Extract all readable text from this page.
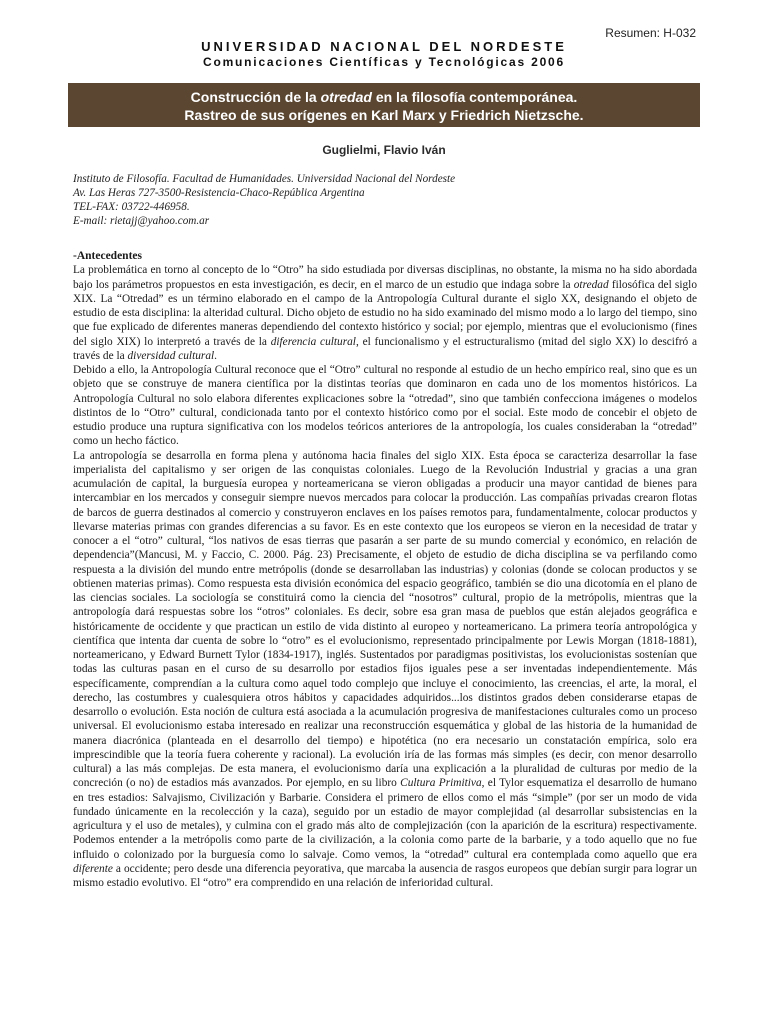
Resumen: H-032
UNIVERSIDAD NACIONAL DEL NORDESTE
Comunicaciones Científicas y Tecnológicas 2006
Construcción de la otredad en la filosofía contemporánea.
Rastreo de sus orígenes en Karl Marx y Friedrich Nietzsche.
Guglielmi, Flavio Iván
Instituto de Filosofía. Facultad de Humanidades. Universidad Nacional del Nordeste
Av. Las Heras 727-3500-Resistencia-Chaco-República Argentina
TEL-FAX: 03722-446958.
E-mail: rietajj@yahoo.com.ar
-Antecedentes

La problemática en torno al concepto de lo “Otro” ha sido estudiada por diversas disciplinas, no obstante, la misma no ha sido abordada bajo los parámetros propuestos en esta investigación, es decir, en el marco de un estudio que indaga sobre la otredad filosófica del siglo XIX. La “Otredad” es un término elaborado en el campo de la Antropología Cultural durante el siglo XX, designando el objeto de estudio de esta disciplina: la alteridad cultural. Dicho objeto de estudio no ha sido examinado del mismo modo a lo largo del tiempo, sino que fue explicado de diferentes maneras dependiendo del contexto histórico y social; por ejemplo, mientras que el evolucionismo (fines del siglo XIX) lo interpretó a través de la diferencia cultural, el funcionalismo y el estructuralismo (mitad del siglo XX) lo descifró a través de la diversidad cultural.

Debido a ello, la Antropología Cultural reconoce que el “Otro” cultural no responde al estudio de un hecho empírico real, sino que es un objeto que se construye de manera científica por la distintas teorías que dominaron en cada uno de los momentos históricos. La Antropología Cultural no solo elabora diferentes explicaciones sobre la “otredad”, sino que también confecciona imágenes o modelos distintos de lo “Otro” cultural, condicionada tanto por el contexto histórico como por el social. Este modo de concebir el objeto de estudio produce una ruptura significativa con los modelos teóricos anteriores de la antropología, los cuales consideraban la “otredad” como un hecho fáctico.

La antropología se desarrolla en forma plena y autónoma hacia finales del siglo XIX. Esta época se caracteriza desarrollar la fase imperialista del capitalismo y ser origen de las conquistas coloniales. Luego de la Revolución Industrial y gracias a una gran acumulación de capital, la burguesía europea y norteamericana se vieron obligadas a producir una mayor cantidad de bienes para intercambiar en los mercados y conseguir siempre nuevos mercados para colocar la producción. Las compañías privadas crearon flotas de barcos de guerra destinados al comercio y construyeron enclaves en los países remotos para, fundamentalmente, colocar productos y llevarse materias primas con grandes diferencias a su favor. Es en este contexto que los europeos se vieron en la necesidad de tratar y conocer a el “otro” cultural, “los nativos de esas tierras que pasarán a ser parte de su mundo comercial y económico, en relación de dependencia”(Mancusi, M. y Faccio, C. 2000. Pág. 23) Precisamente, el objeto de estudio de dicha disciplina se va perfilando como respuesta a la división del mundo entre metrópolis (donde se desarrollaban las industrias) y colonias (donde se colocan productos y se obtienen materias primas). Como respuesta esta división económica del espacio geográfico, también se dio una dicotomía en el plano de las ciencias sociales. La sociología se constituirá como la ciencia del “nosotros” cultural, propio de la metrópolis, mientras que la antropología dará respuestas sobre los “otros” coloniales. Es decir, sobre esa gran masa de pueblos que están alejados geográfica e históricamente de occidente y que practican un estilo de vida distinto al europeo y norteamericano. La primera teoría antropológica y científica que intenta dar cuenta de sobre lo “otro” es el evolucionismo, representado principalmente por Lewis Morgan (1818-1881), norteamericano, y Edward Burnett Tylor (1834-1917), inglés. Sustentados por paradigmas positivistas, los evolucionistas sostenían que todas las culturas pasan en el curso de su desarrollo por estadios fijos iguales pese a ser inventadas independientemente. Más específicamente, comprendían a la cultura como aquel todo complejo que incluye el conocimiento, las creencias, el arte, la moral, el derecho, las costumbres y cualesquiera otros hábitos y capacidades adquiridos...los distintos grados deben considerarse etapas de desarrollo o evolución. Esta noción de cultura está asociada a la acumulación progresiva de manifestaciones culturales como un proceso universal. El evolucionismo estaba interesado en realizar una reconstrucción esquemática y global de las historia de la humanidad de manera diacrónica (planteada en el desarrollo del tiempo) e hipotética (no era necesario un constatación empírica, solo era imprescindible que la teoría fuera coherente y racional). La evolución iría de las formas más simples (es decir, con menor desarrollo cultural) a las más complejas. De esta manera, el evolucionismo daría una explicación a la pluralidad de culturas por medio de la concreción (o no) de estadios más avanzados. Por ejemplo, en su libro Cultura Primitiva, el Tylor esquematiza el desarrollo de humano en tres estadios: Salvajismo, Civilización y Barbarie. Considera el primero de ellos como el más “simple” (por ser un modo de vida fundado únicamente en la recolección y la caza), seguido por un estadio de mayor complejidad (al desarrollar subsistencias en la agricultura y el uso de metales), y culmina con el grado más alto de complejización (con la aparición de la escritura) respectivamente. Podemos entender a la metrópolis como parte de la civilización, a la colonia como parte de la barbarie, y a todo aquello que no fue influido o colonizado por la burguesía como lo salvaje. Como vemos, la “otredad” cultural era contemplada como aquello que era diferente a occidente; pero desde una diferencia peyorativa, que marcaba la ausencia de rasgos europeos que debían surgir para lograr un mismo estadio evolutivo. El “otro” era comprendido en una relación de inferioridad cultural.
